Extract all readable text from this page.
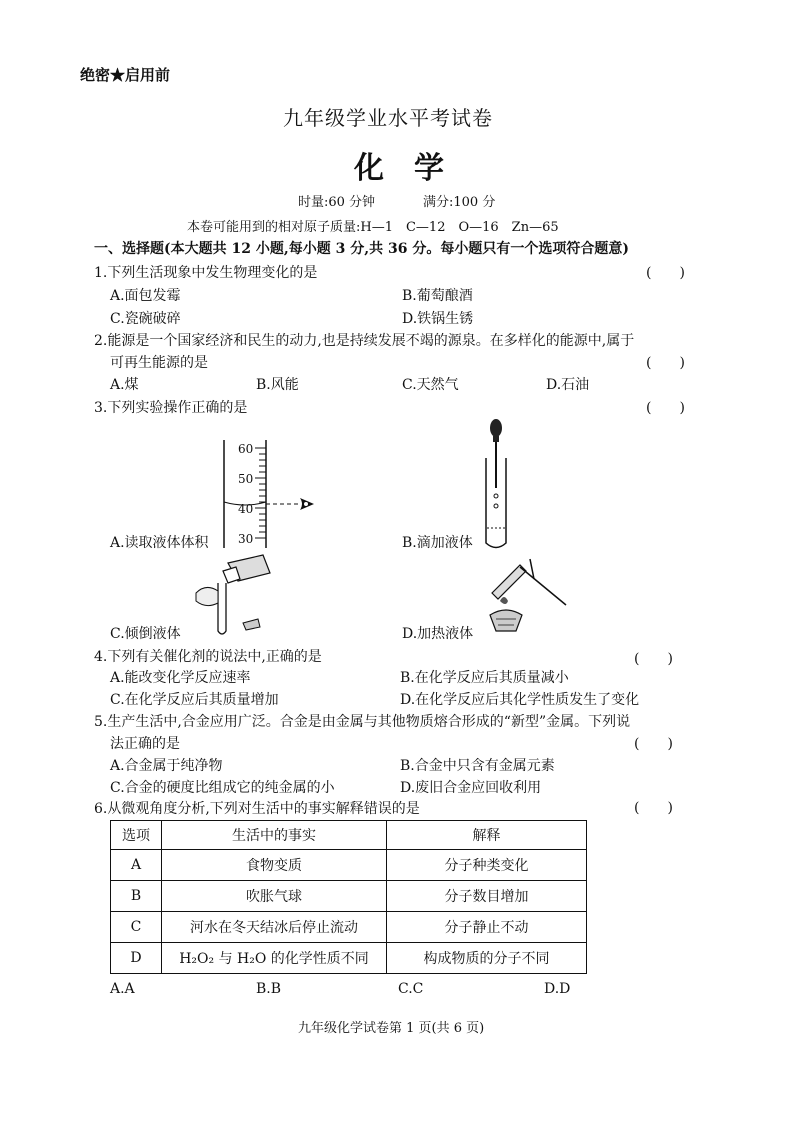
绝密★启用前
九年级学业水平考试卷
化　学
时量:60 分钟	满分:100 分
本卷可能用到的相对原子质量:H—1　C—12　O—16　Zn—65
一、选择题(本大题共 12 小题,每小题 3 分,共 36 分。每小题只有一个选项符合题意)
1.下列生活现象中发生物理变化的是	(　　)
A.面包发霉	B.葡萄酿酒
C.瓷碗破碎	D.铁锅生锈
2.能源是一个国家经济和民生的动力,也是持续发展不竭的源泉。在多样化的能源中,属于
可再生能源的是	(　　)
A.煤	B.风能	C.天然气	D.石油
3.下列实验操作正确的是	(　　)
60
50
40
30
A.读取液体体积	B.滴加液体
C.倾倒液体	D.加热液体
4.下列有关催化剂的说法中,正确的是	(　　)
A.能改变化学反应速率	B.在化学反应后其质量减小
C.在化学反应后其质量增加	D.在化学反应后其化学性质发生了变化
5.生产生活中,合金应用广泛。合金是由金属与其他物质熔合形成的“新型”金属。下列说
法正确的是	(　　)
A.合金属于纯净物	B.合金中只含有金属元素
C.合金的硬度比组成它的纯金属的小	D.废旧合金应回收利用
6.从微观角度分析,下列对生活中的事实解释错误的是	(　　)
选项	生活中的事实	解释
A	食物变质	分子种类变化
B	吹胀气球	分子数目增加
C	河水在冬天结冰后停止流动	分子静止不动
D	H₂O₂ 与 H₂O 的化学性质不同	构成物质的分子不同
A.A	B.B	C.C	D.D
九年级化学试卷第 1 页(共 6 页)
